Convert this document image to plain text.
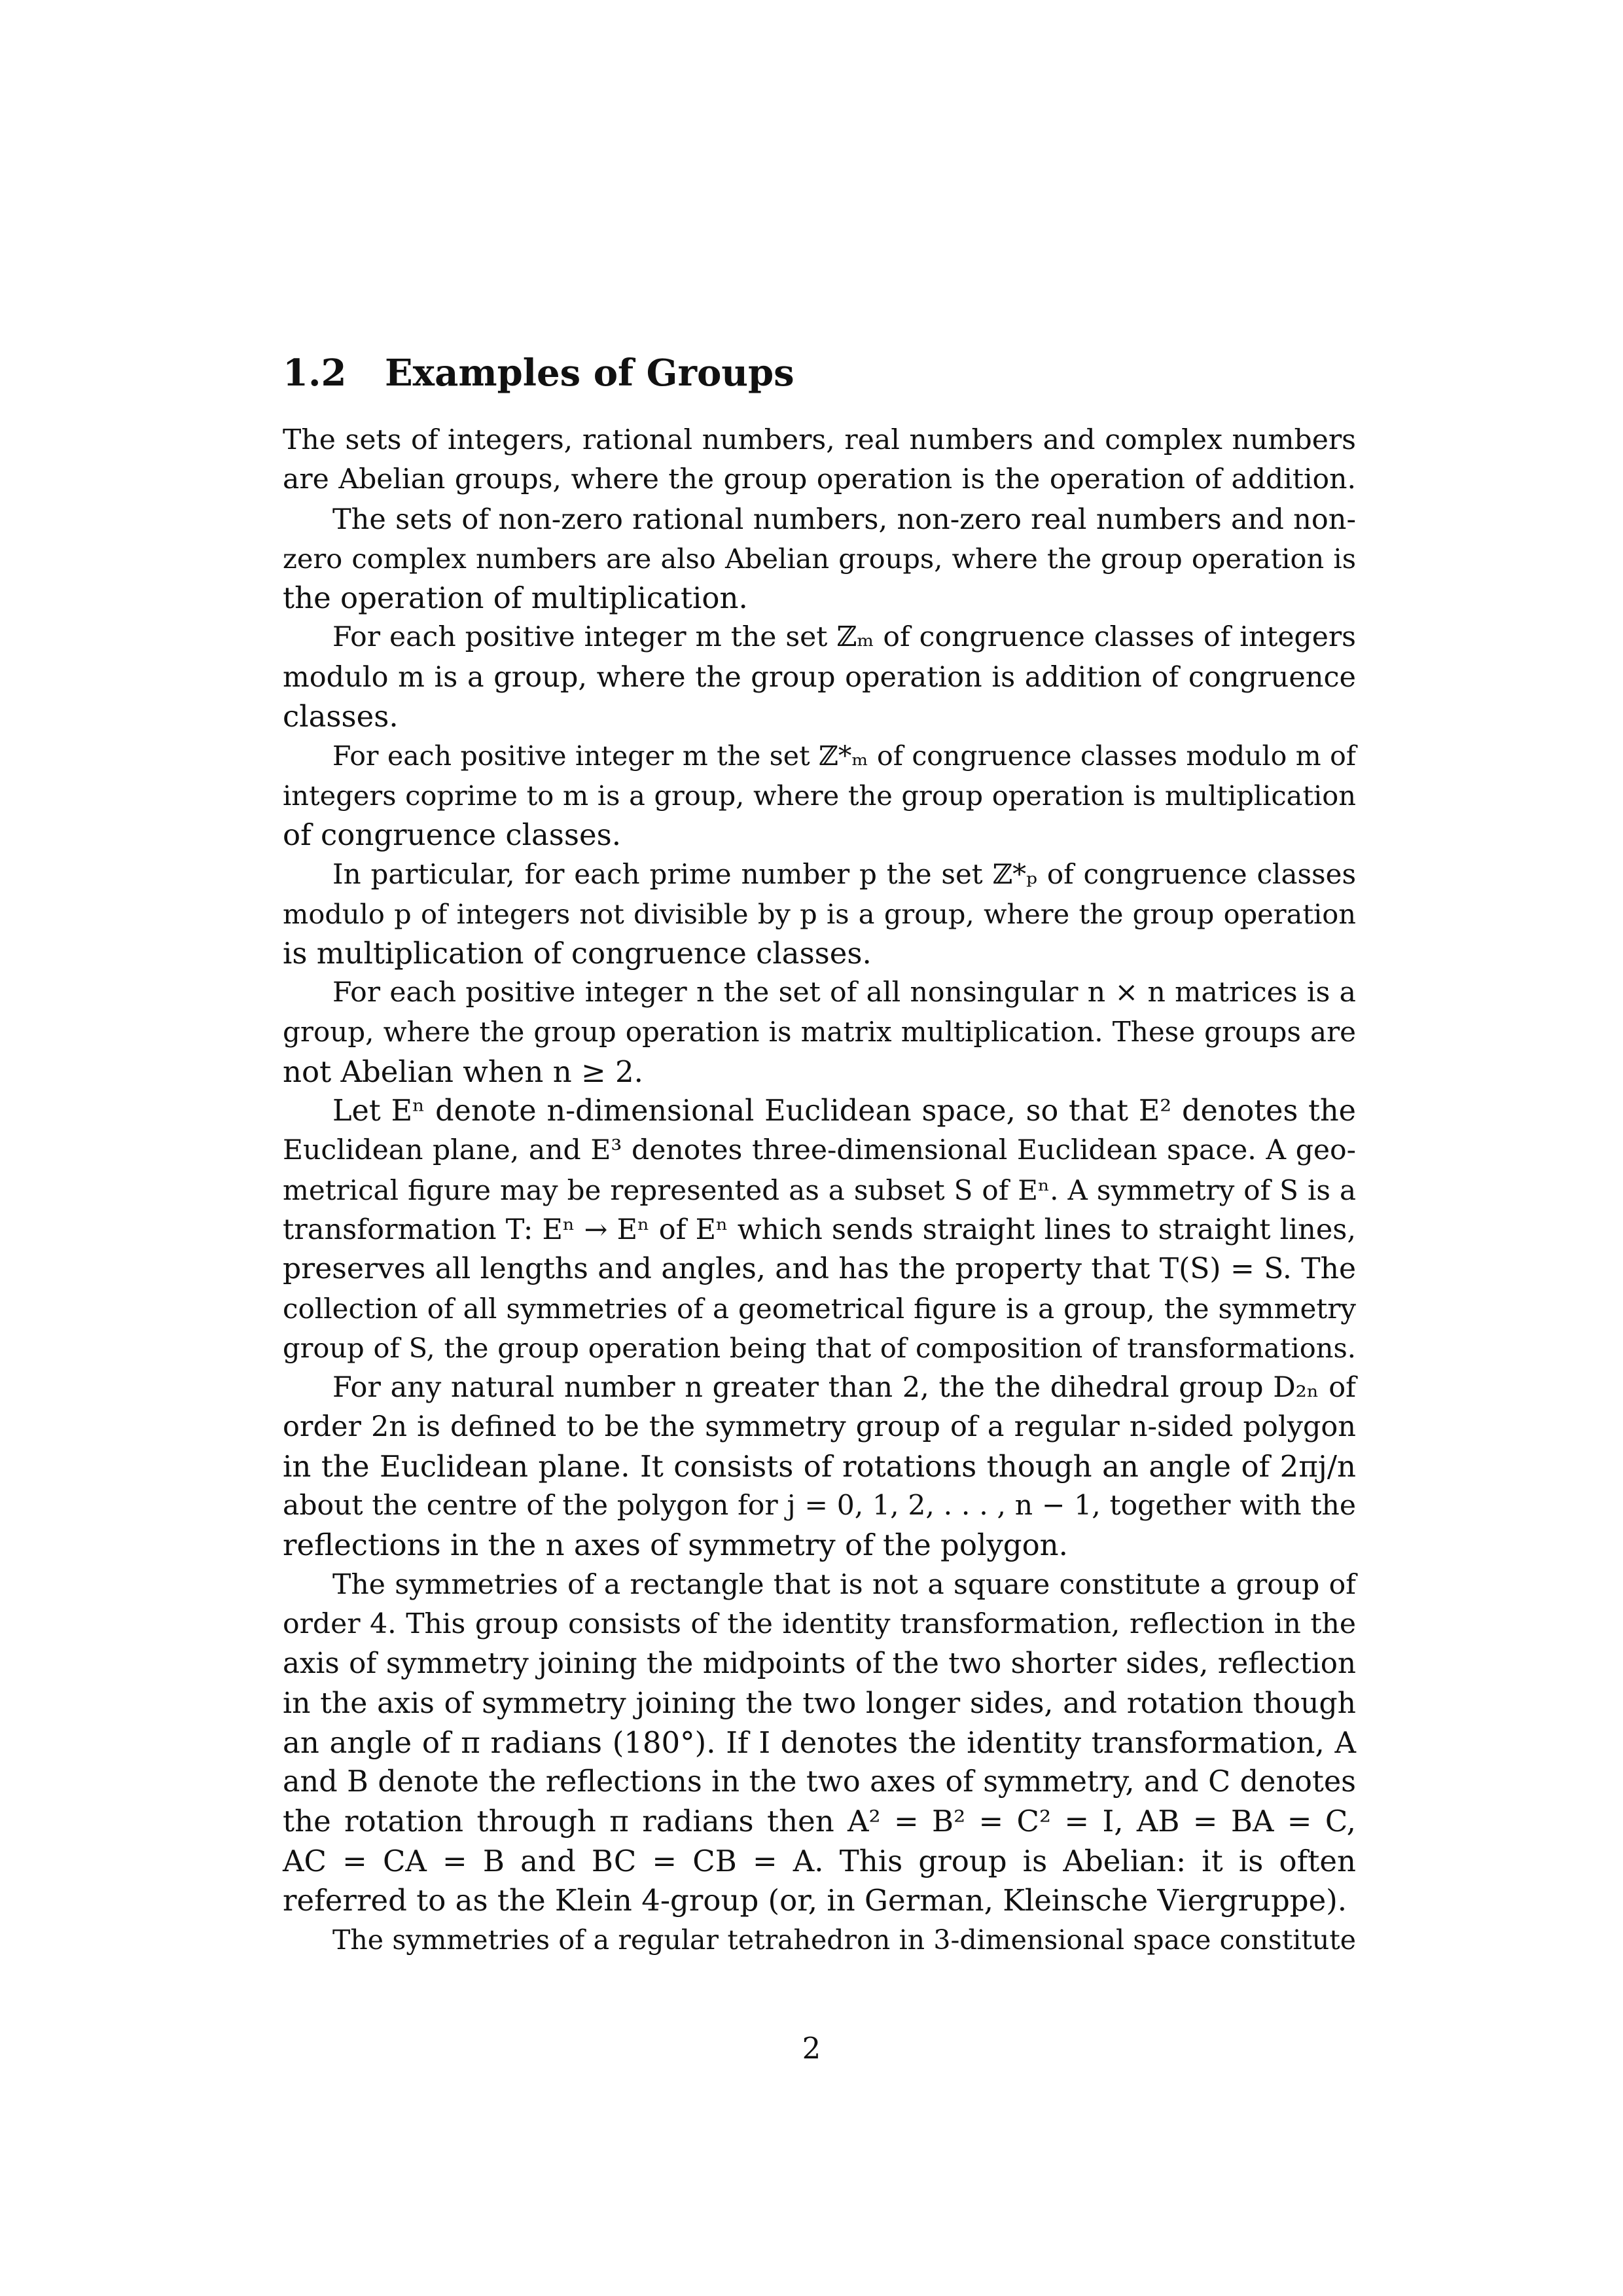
1.2 Examples of Groups
The sets of integers, rational numbers, real numbers and complex numbers
are Abelian groups, where the group operation is the operation of addition.
The sets of non-zero rational numbers, non-zero real numbers and non-
zero complex numbers are also Abelian groups, where the group operation is
the operation of multiplication.
For each positive integer m the set ℤₘ of congruence classes of integers
modulo m is a group, where the group operation is addition of congruence
classes.
For each positive integer m the set ℤ*ₘ of congruence classes modulo m of
integers coprime to m is a group, where the group operation is multiplication
of congruence classes.
In particular, for each prime number p the set ℤ*ₚ of congruence classes
modulo p of integers not divisible by p is a group, where the group operation
is multiplication of congruence classes.
For each positive integer n the set of all nonsingular n × n matrices is a
group, where the group operation is matrix multiplication. These groups are
not Abelian when n ≥ 2.
Let Eⁿ denote n-dimensional Euclidean space, so that E² denotes the
Euclidean plane, and E³ denotes three-dimensional Euclidean space. A geo-
metrical figure may be represented as a subset S of Eⁿ. A symmetry of S is a
transformation T: Eⁿ → Eⁿ of Eⁿ which sends straight lines to straight lines,
preserves all lengths and angles, and has the property that T(S) = S. The
collection of all symmetries of a geometrical figure is a group, the symmetry
group of S, the group operation being that of composition of transformations.
For any natural number n greater than 2, the the dihedral group D₂ₙ of
order 2n is defined to be the symmetry group of a regular n-sided polygon
in the Euclidean plane. It consists of rotations though an angle of 2πj/n
about the centre of the polygon for j = 0, 1, 2, . . . , n − 1, together with the
reflections in the n axes of symmetry of the polygon.
The symmetries of a rectangle that is not a square constitute a group of
order 4. This group consists of the identity transformation, reflection in the
axis of symmetry joining the midpoints of the two shorter sides, reflection
in the axis of symmetry joining the two longer sides, and rotation though
an angle of π radians (180°). If I denotes the identity transformation, A
and B denote the reflections in the two axes of symmetry, and C denotes
the rotation through π radians then A² = B² = C² = I, AB = BA = C,
AC = CA = B and BC = CB = A. This group is Abelian: it is often
referred to as the Klein 4-group (or, in German, Kleinsche Viergruppe).
The symmetries of a regular tetrahedron in 3-dimensional space constitute
2
